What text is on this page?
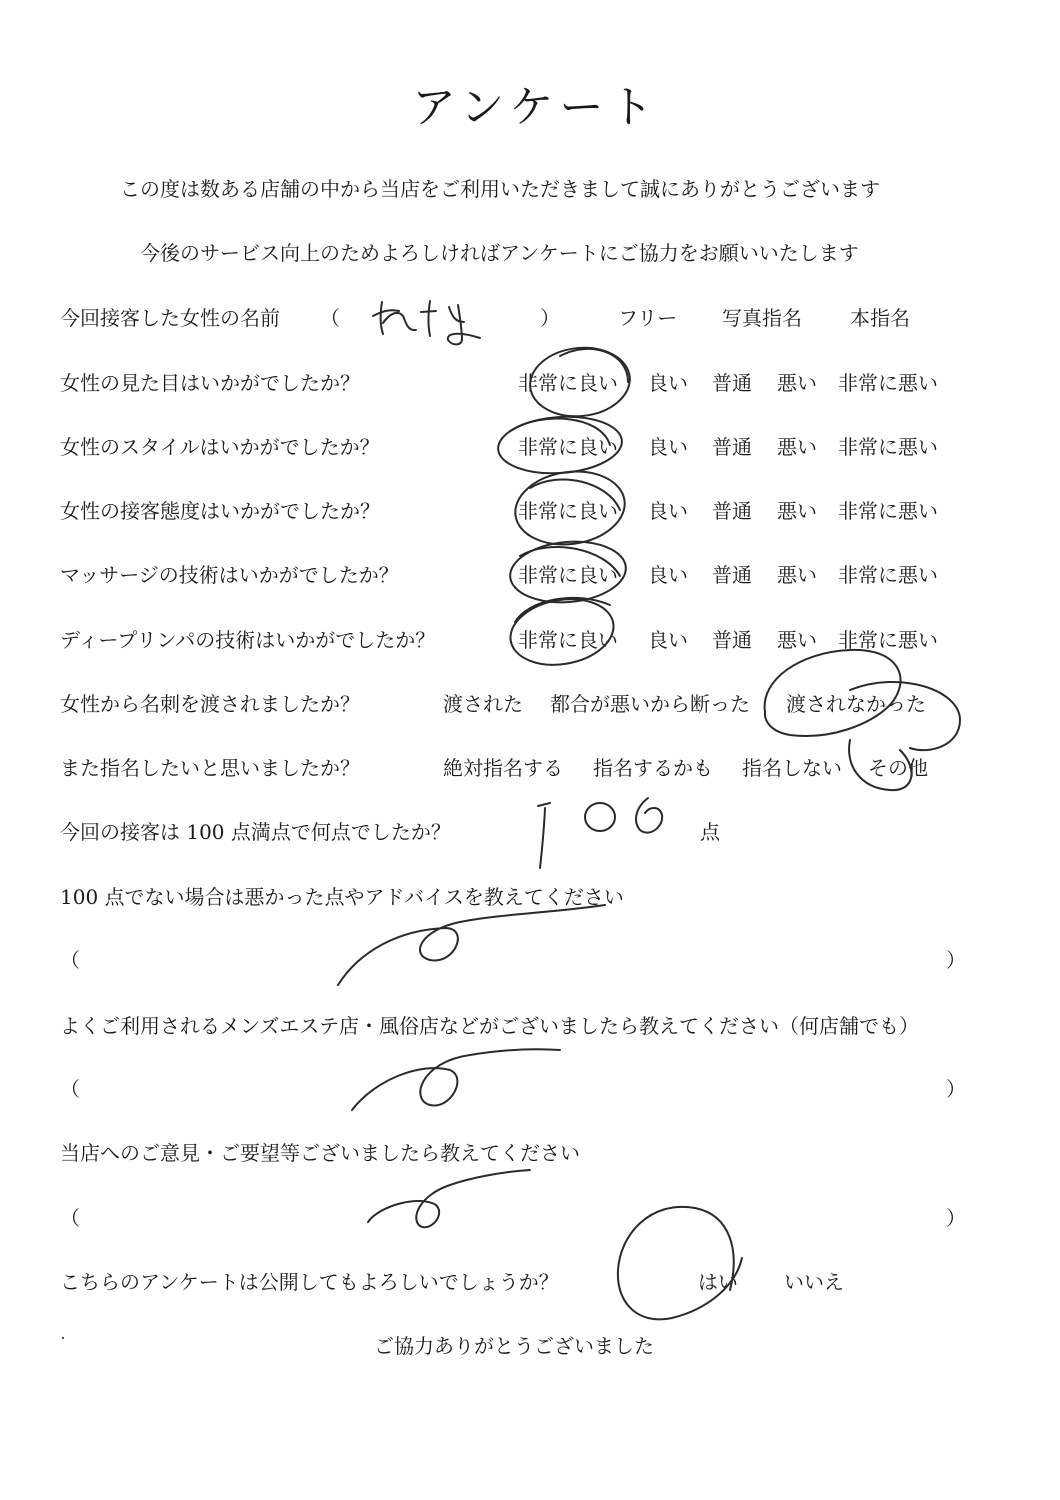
アンケート
この度は数ある店舗の中から当店をご利用いただきまして誠にありがとうございます
今後のサービス向上のためよろしければアンケートにご協力をお願いいたします
今回接客した女性の名前 （	）	フリー 写真指名 本指名
女性の見た目はいかがでしたか？	非常に良い 良い 普通 悪い 非常に悪い
女性のスタイルはいかがでしたか？	非常に良い 良い 普通 悪い 非常に悪い
女性の接客態度はいかがでしたか？	非常に良い 良い 普通 悪い 非常に悪い
マッサージの技術はいかがでしたか？	非常に良い 良い 普通 悪い 非常に悪い
ディープリンパの技術はいかがでしたか？	非常に良い 良い 普通 悪い 非常に悪い
女性から名刺を渡されましたか？	渡された 都合が悪いから断った 渡されなかった
また指名したいと思いましたか？	絶対指名する 指名するかも 指名しない その他
今回の接客は 100 点満点で何点でしたか？	点
100 点でない場合は悪かった点やアドバイスを教えてください
（	）
よくご利用されるメンズエステ店・風俗店などがございましたら教えてください（何店舗でも）
（	）
当店へのご意見・ご要望等ございましたら教えてください
（	）
こちらのアンケートは公開してもよろしいでしょうか？	はい いいえ
ご協力ありがとうございました
